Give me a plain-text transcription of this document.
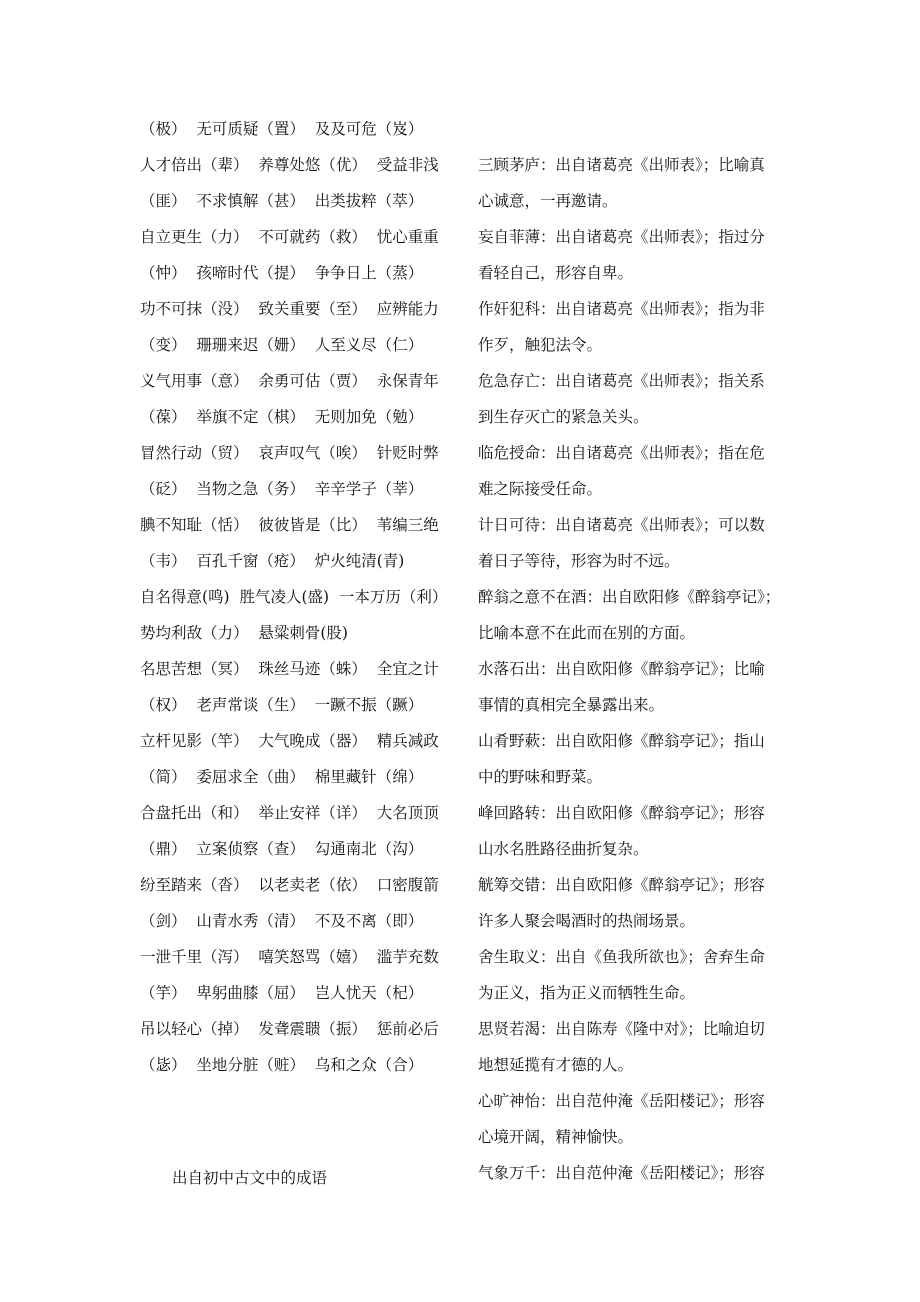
（极）  无可质疑（置）  及及可危（岌）
人才倍出（辈）  养尊处悠（优）  受益非浅
（匪）  不求慎解（甚）  出类拔粹（萃）
自立更生（力）  不可就药（救）  忧心重重
（忡）  孩啼时代（提）  争争日上（蒸）
功不可抹（没）  致关重要（至）  应辨能力
（变）  珊珊来迟（姗）  人至义尽（仁）
义气用事（意）  余勇可估（贾）  永保青年
（葆）  举旗不定（棋）  无则加免（勉）
冒然行动（贸）  哀声叹气（唉）  针贬时弊
（砭）  当物之急（务）  辛辛学子（莘）
腆不知耻（恬）  彼彼皆是（比）  苇编三绝
（韦）  百孔千窗（疮）  炉火纯清(青)
自名得意(鸣)  胜气凌人(盛)  一本万历（利）
势均利敌（力）  悬粱刺骨(股)
名思苦想（冥）  珠丝马迹（蛛）  全宜之计
（权）  老声常谈（生）  一蹶不振（蹶）
立杆见影（竿）  大气晚成（器）  精兵减政
（简）  委屈求全（曲）  棉里藏针（绵）
合盘托出（和）  举止安祥（详）  大名顶顶
（鼎）  立案侦察（查）  勾通南北（沟）
纷至踏来（沓）  以老卖老（依）  口密腹箭
（剑）  山青水秀（清）  不及不离（即）
一泄千里（泻）  嘻笑怒骂（嬉）  滥芋充数
（竽）  卑躬曲膝（屈）  岂人忧天（杞）
吊以轻心（掉）  发聋震聩（振）  惩前必后
（毖）  坐地分脏（赃）  乌和之众（合）
三顾茅庐：出自诸葛亮《出师表》；比喻真
心诚意，一再邀请。
妄自菲薄：出自诸葛亮《出师表》；指过分
看轻自己，形容自卑。
作奸犯科：出自诸葛亮《出师表》；指为非
作歹，触犯法令。
危急存亡：出自诸葛亮《出师表》；指关系
到生存灭亡的紧急关头。
临危授命：出自诸葛亮《出师表》；指在危
难之际接受任命。
计日可待：出自诸葛亮《出师表》；可以数
着日子等待，形容为时不远。
醉翁之意不在酒：出自欧阳修《醉翁亭记》；
比喻本意不在此而在别的方面。
水落石出：出自欧阳修《醉翁亭记》；比喻
事情的真相完全暴露出来。
山肴野蔌：出自欧阳修《醉翁亭记》；指山
中的野味和野菜。
峰回路转：出自欧阳修《醉翁亭记》；形容
山水名胜路径曲折复杂。
觥筹交错：出自欧阳修《醉翁亭记》；形容
许多人聚会喝酒时的热闹场景。
舍生取义：出自《鱼我所欲也》；舍弃生命
为正义，指为正义而牺牲生命。
思贤若渴：出自陈寿《隆中对》；比喻迫切
地想延揽有才德的人。
心旷神怡：出自范仲淹《岳阳楼记》；形容
心境开阔，精神愉快。
气象万千：出自范仲淹《岳阳楼记》；形容
出自初中古文中的成语
